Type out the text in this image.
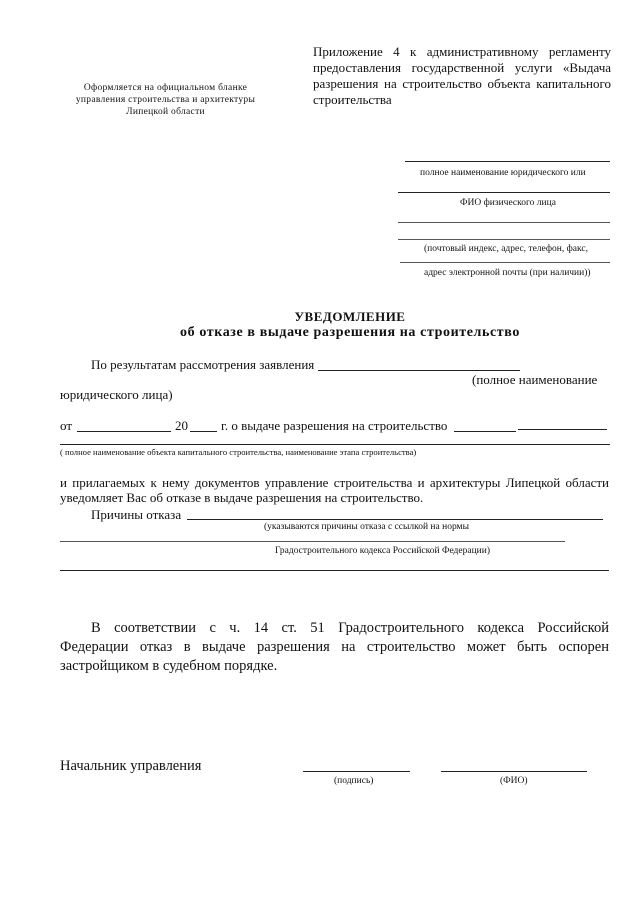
Оформляется на официальном бланке
управления строительства и архитектуры
Липецкой области
Приложение 4 к административному регламенту
предоставления государственной услуги «Выдача
разрешения на строительство объекта капитального
строительства
полное наименование юридического или
ФИО физического лица
(почтовый индекс, адрес, телефон, факс,
адрес электронной почты (при наличии))
УВЕДОМЛЕНИЕ
об отказе в выдаче разрешения на строительство
По результатам рассмотрения заявления
(полное наименование
юридического лица)
от	20	г. о выдаче разрешения на строительство
( полное наименование объекта капитального строительства, наименование этапа строительства)
и прилагаемых к нему документов управление строительства и архитектуры Липецкой области
уведомляет Вас об отказе в выдаче разрешения на строительство.
Причины отказа
(указываются причины отказа с ссылкой на нормы
Градостроительного кодекса Российской Федерации)
В соответствии с ч. 14 ст. 51 Градостроительного кодекса Российской
Федерации отказ в выдаче разрешения на строительство может быть оспорен
застройщиком в судебном порядке.
Начальник управления
(подпись)	(ФИО)
